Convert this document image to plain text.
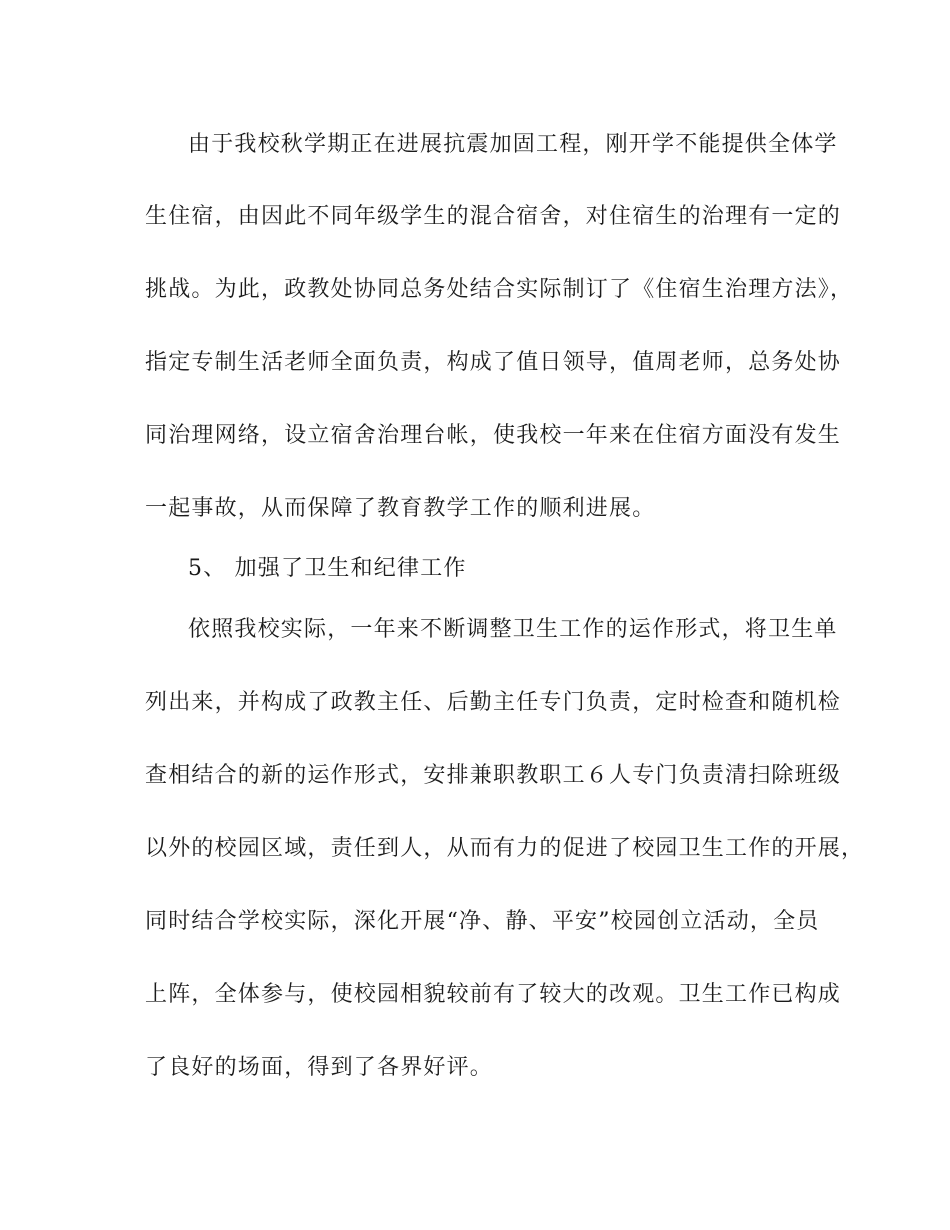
由于我校秋学期正在进展抗震加固工程，刚开学不能提供全体学
生住宿，由因此不同年级学生的混合宿舍，对住宿生的治理有一定的
挑战。为此，政教处协同总务处结合实际制订了《住宿生治理方法》，
指定专制生活老师全面负责，构成了值日领导，值周老师，总务处协
同治理网络，设立宿舍治理台帐，使我校一年来在住宿方面没有发生
一起事故，从而保障了教育教学工作的顺利进展。
5、 加强了卫生和纪律工作
依照我校实际，一年来不断调整卫生工作的运作形式，将卫生单
列出来，并构成了政教主任、后勤主任专门负责，定时检查和随机检
查相结合的新的运作形式，安排兼职教职工６人专门负责清扫除班级
以外的校园区域，责任到人，从而有力的促进了校园卫生工作的开展，
同时结合学校实际，深化开展“净、静、平安”校园创立活动，全员
上阵，全体参与，使校园相貌较前有了较大的改观。卫生工作已构成
了良好的场面，得到了各界好评。
